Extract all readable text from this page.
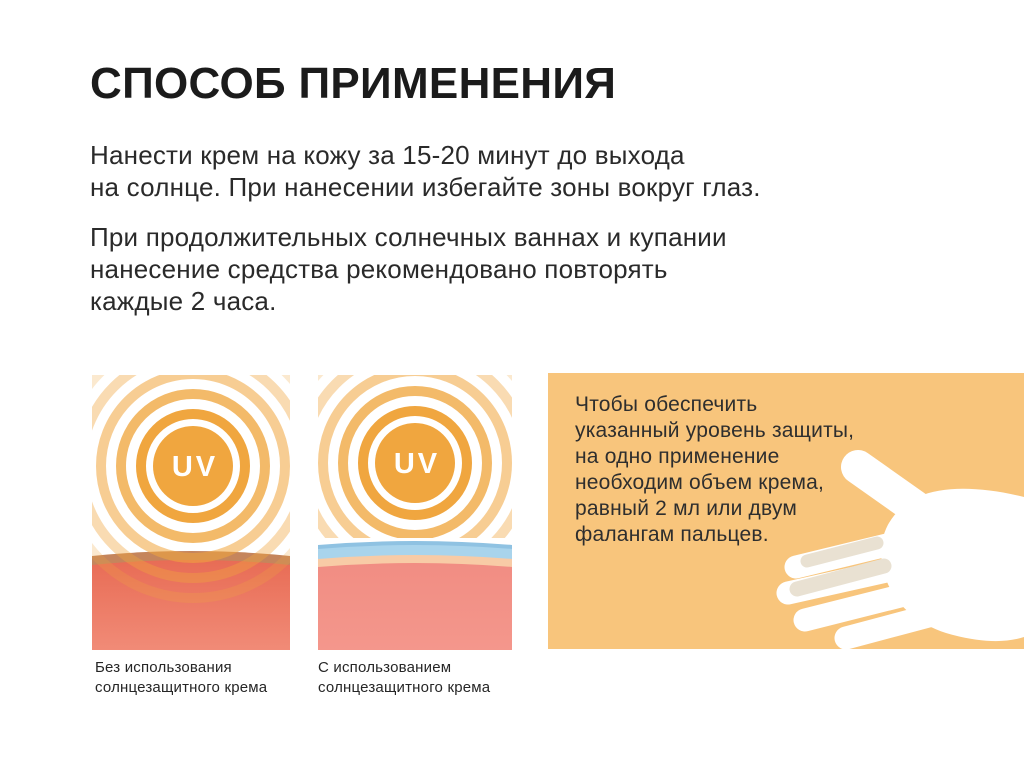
СПОСОБ ПРИМЕНЕНИЯ
Нанести крем на кожу за 15-20 минут до выхода
на солнце. При нанесении избегайте зоны вокруг глаз.
При продолжительных солнечных ваннах и купании
нанесение средства рекомендовано повторять
каждые 2 часа.
UV	UV
Чтобы обеспечить
указанный уровень защиты,
на одно применение
необходим объем крема,
равный 2 мл или двум
фалангам пальцев.
Без использования
солнцезащитного крема
С использованием
солнцезащитного крема
